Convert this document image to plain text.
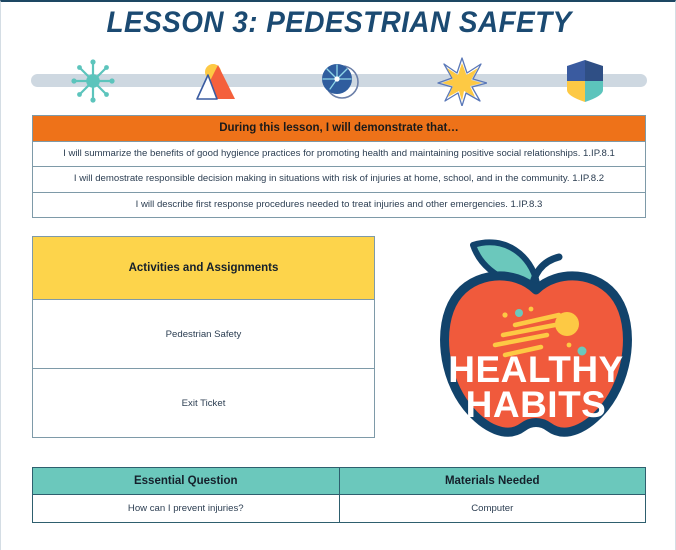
LESSON 3: PEDESTRIAN SAFETY
During this lesson, I will demonstrate that…
I will summarize the benefits of good hygience practices for promoting health and maintaining positive social relationships. 1.IP.8.1
I will demostrate responsible decision making in situations with risk of injuries at home, school, and in the community. 1.IP.8.2
I will describe first response procedures needed to treat injuries and other emergencies. 1.IP.8.3
Activities and Assignments
Pedestrian Safety
Exit Ticket
HEALTHY
HABITS
Essential Question	Materials Needed
How can I prevent injuries?	Computer
